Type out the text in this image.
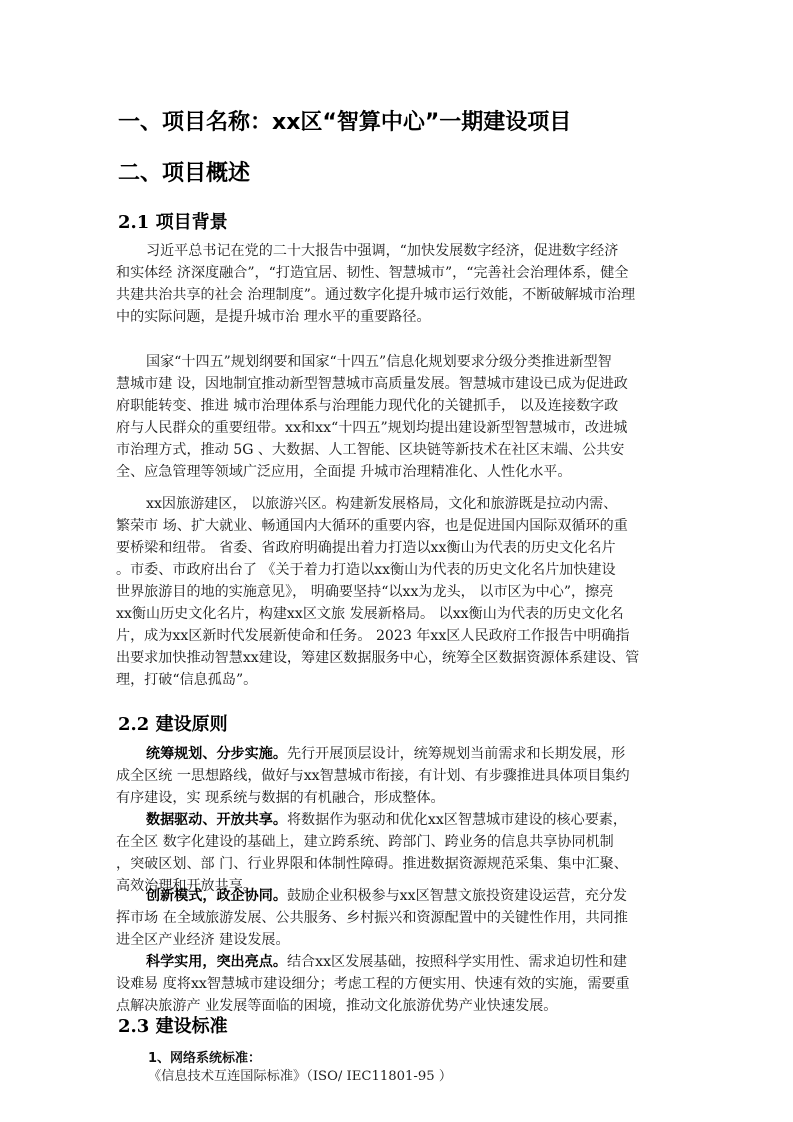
一、项目名称：xx区“智算中心”一期建设项目
二、项目概述
2.1 项目背景
习近平总书记在党的二十大报告中强调，“加快发展数字经济，促进数字经济
和实体经 济深度融合”，“打造宜居、韧性、智慧城市”，“完善社会治理体系，健全
共建共治共享的社会 治理制度”。通过数字化提升城市运行效能，不断破解城市治理
中的实际问题，是提升城市治 理水平的重要路径。
国家“十四五”规划纲要和国家“十四五”信息化规划要求分级分类推进新型智
慧城市建 设，因地制宜推动新型智慧城市高质量发展。智慧城市建设已成为促进政
府职能转变、推进 城市治理体系与治理能力现代化的关键抓手， 以及连接数字政
府与人民群众的重要纽带。xx和xx“十四五”规划均提出建设新型智慧城市，改进城
市治理方式，推动 5G 、大数据、人工智能、区块链等新技术在社区末端、公共安
全、应急管理等领域广泛应用，全面提 升城市治理精准化、人性化水平。
xx因旅游建区， 以旅游兴区。构建新发展格局，文化和旅游既是拉动内需、
繁荣市 场、扩大就业、畅通国内大循环的重要内容，也是促进国内国际双循环的重
要桥梁和纽带。 省委、省政府明确提出着力打造以xx衡山为代表的历史文化名片
。市委、市政府出台了 《关于着力打造以xx衡山为代表的历史文化名片加快建设
世界旅游目的地的实施意见》， 明确要坚持“以xx为龙头， 以市区为中心”，擦亮
xx衡山历史文化名片，构建xx区文旅 发展新格局。 以xx衡山为代表的历史文化名
片，成为xx区新时代发展新使命和任务。 2023 年xx区人民政府工作报告中明确指
出要求加快推动智慧xx建设，筹建区数据服务中心，统筹全区数据资源体系建设、管
理，打破“信息孤岛”。
2.2 建设原则
统筹规划、分步实施。先行开展顶层设计，统筹规划当前需求和长期发展，形
成全区统 一思想路线，做好与xx智慧城市衔接，有计划、有步骤推进具体项目集约
有序建设，实 现系统与数据的有机融合，形成整体。
数据驱动、开放共享。将数据作为驱动和优化xx区智慧城市建设的核心要素，
在全区 数字化建设的基础上，建立跨系统、跨部门、跨业务的信息共享协同机制
，突破区划、部 门、行业界限和体制性障碍。推进数据资源规范采集、集中汇聚、
高效治理和开放共享。
创新模式，政企协同。鼓励企业积极参与xx区智慧文旅投资建设运营，充分发
挥市场 在全域旅游发展、公共服务、乡村振兴和资源配置中的关键性作用，共同推
进全区产业经济 建设发展。
科学实用，突出亮点。结合xx区发展基础，按照科学实用性、需求迫切性和建
设难易 度将xx智慧城市建设细分；考虑工程的方便实用、快速有效的实施，需要重
点解决旅游产 业发展等面临的困境，推动文化旅游优势产业快速发展。
2.3 建设标准
1、网络系统标准：
《信息技术互连国际标准》（ISO/ IEC11801-95 ）
